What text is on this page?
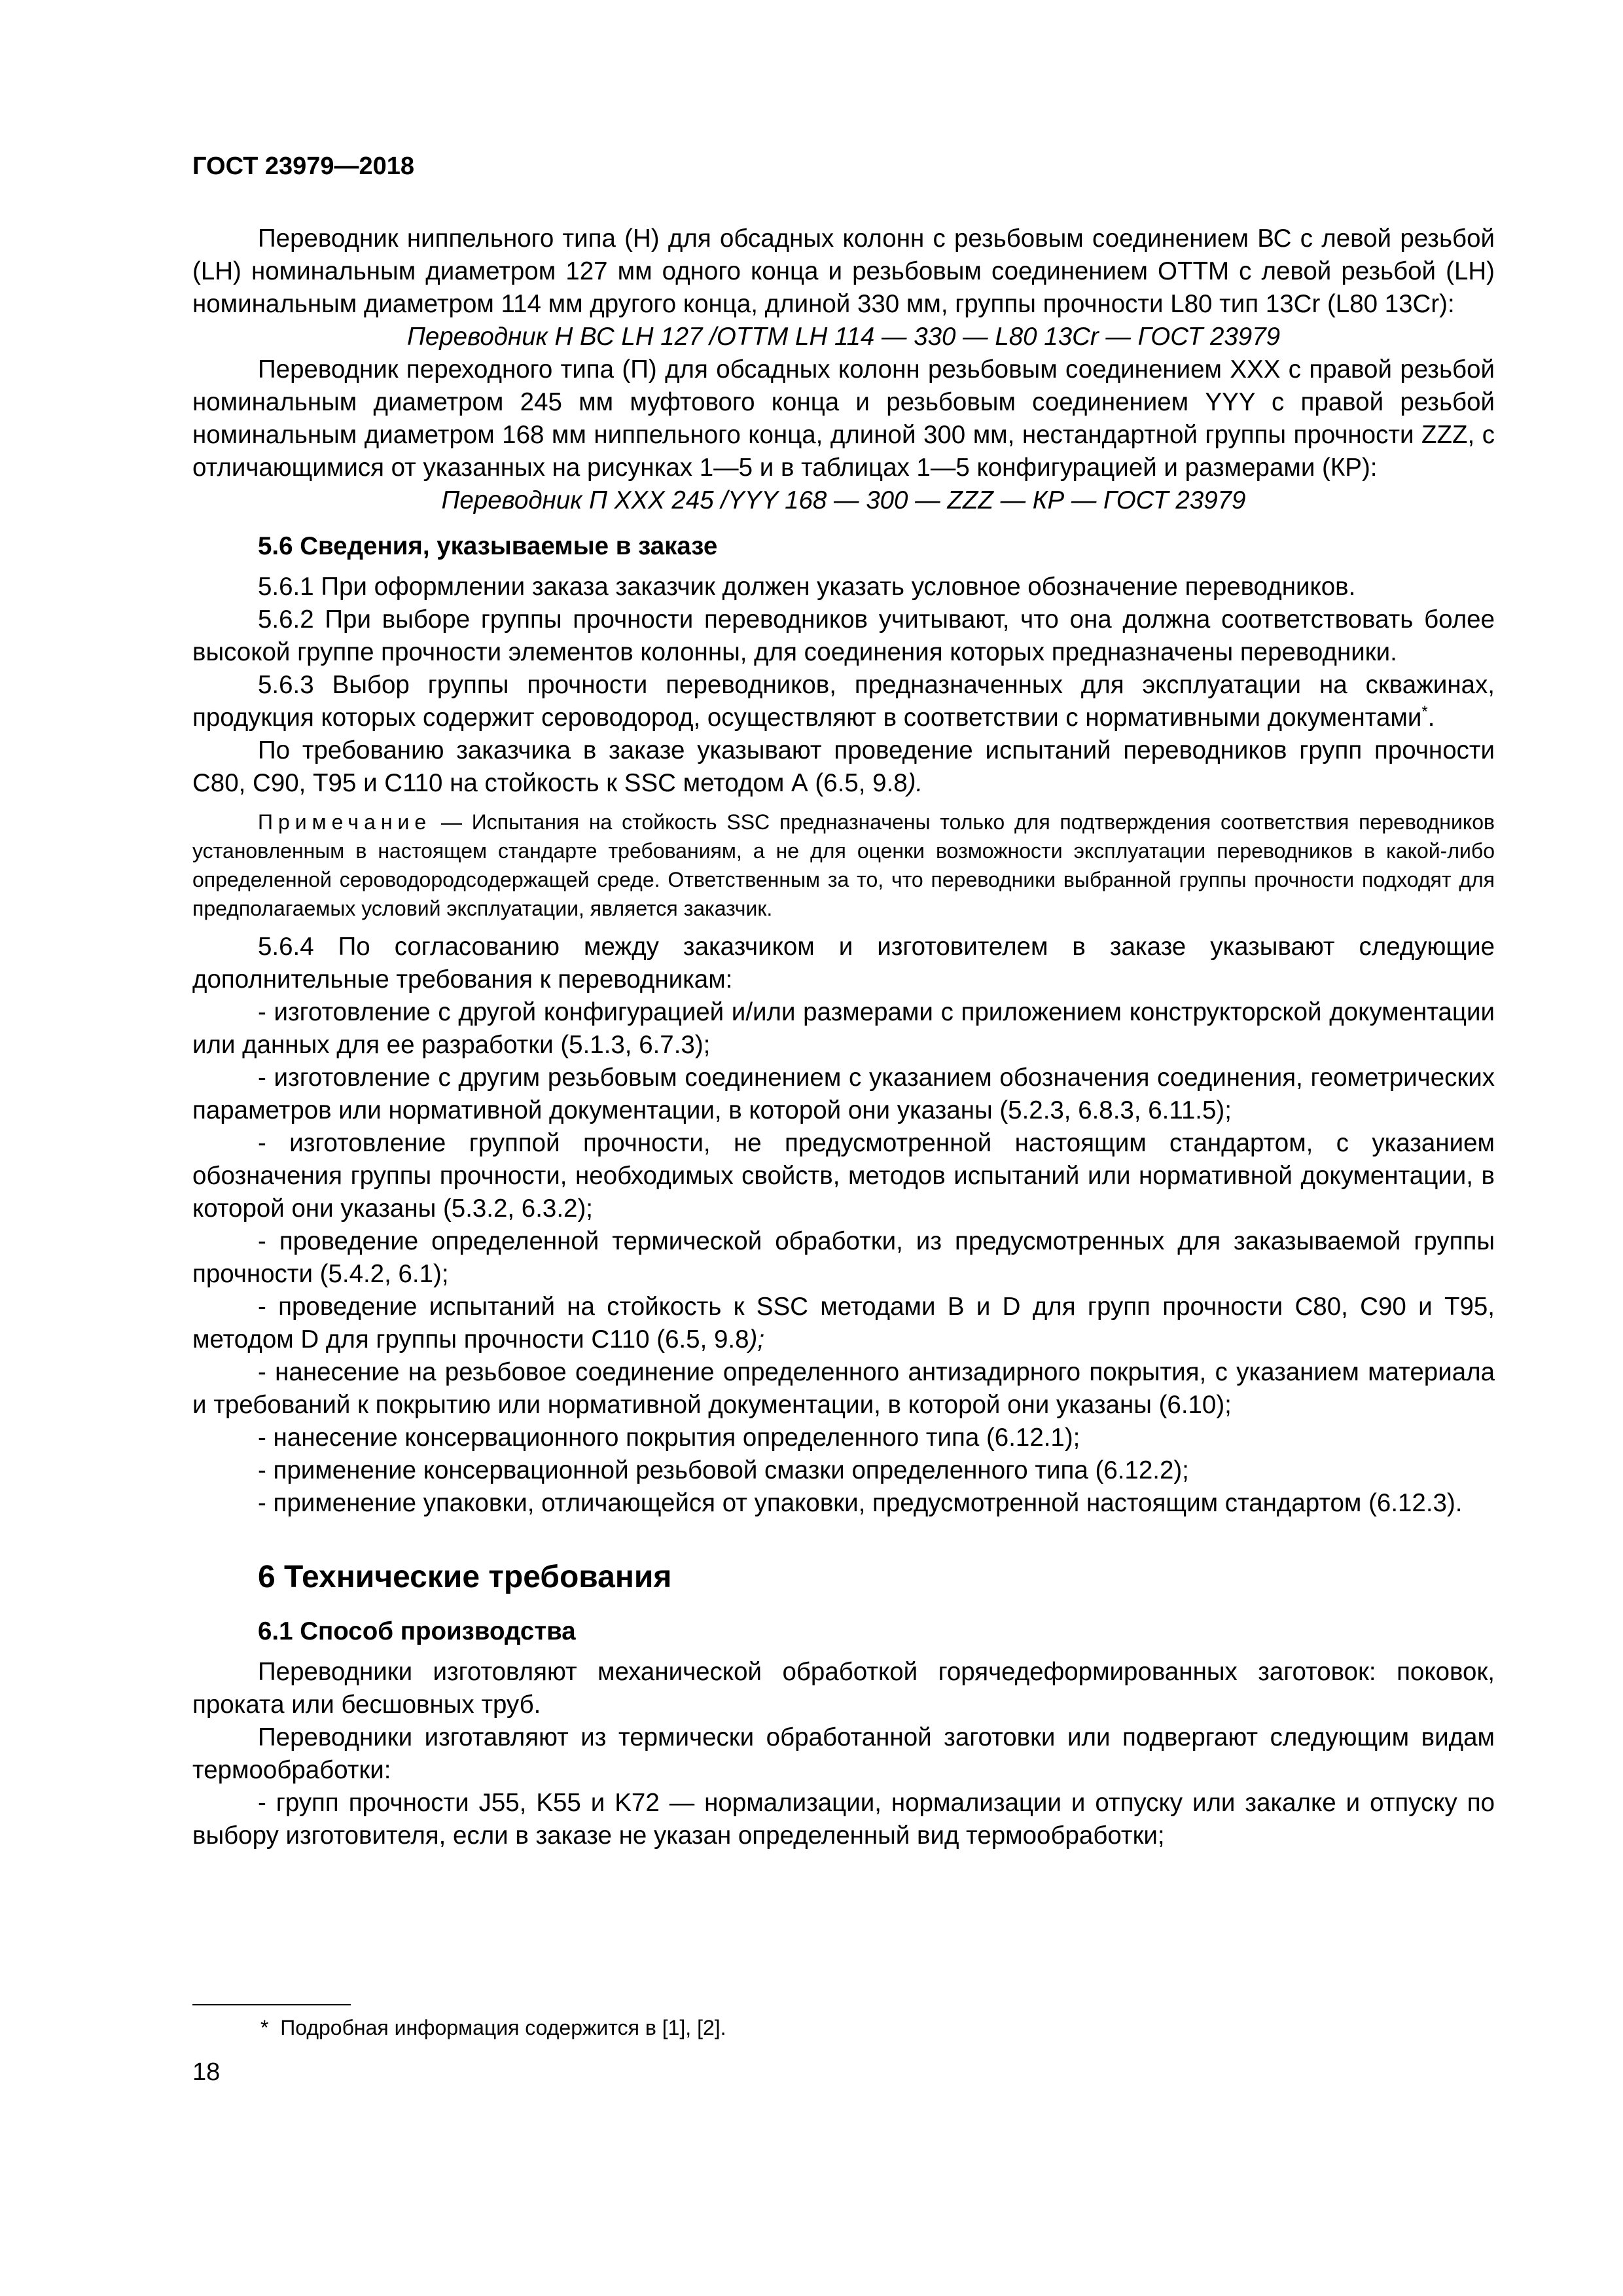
ГОСТ 23979—2018

Переводник ниппельного типа (Н) для обсадных колонн с резьбовым соединением ВС с левой резьбой (LH) номинальным диаметром 127 мм одного конца и резьбовым соединением ОТТМ с левой резьбой (LH) номинальным диаметром 114 мм другого конца, длиной 330 мм, группы прочности L80 тип 13Cr (L80 13Cr):

Переводник Н ВС LH 127 /ОТТМ LH 114 — 330 — L80 13Cr — ГОСТ 23979

Переводник переходного типа (П) для обсадных колонн резьбовым соединением XXX с правой резьбой номинальным диаметром 245 мм муфтового конца и резьбовым соединением YYY с правой резьбой номинальным диаметром 168 мм ниппельного конца, длиной 300 мм, нестандартной группы прочности ZZZ, с отличающимися от указанных на рисунках 1—5 и в таблицах 1—5 конфигурацией и размерами (КР):

Переводник П XXX 245 /YYY 168 — 300 — ZZZ — КР — ГОСТ 23979

5.6 Сведения, указываемые в заказе

5.6.1 При оформлении заказа заказчик должен указать условное обозначение переводников.

5.6.2 При выборе группы прочности переводников учитывают, что она должна соответствовать более высокой группе прочности элементов колонны, для соединения которых предназначены переводники.

5.6.3 Выбор группы прочности переводников, предназначенных для эксплуатации на скважинах, продукция которых содержит сероводород, осуществляют в соответствии с нормативными документами*.

По требованию заказчика в заказе указывают проведение испытаний переводников групп прочности С80, С90, Т95 и С110 на стойкость к SSC методом А (6.5, 9.8).

Примечание — Испытания на стойкость SSC предназначены только для подтверждения соответствия переводников установленным в настоящем стандарте требованиям, а не для оценки возможности эксплуатации переводников в какой-либо определенной сероводородсодержащей среде. Ответственным за то, что переводники выбранной группы прочности подходят для предполагаемых условий эксплуатации, является заказчик.

5.6.4 По согласованию между заказчиком и изготовителем в заказе указывают следующие дополнительные требования к переводникам:

- изготовление с другой конфигурацией и/или размерами с приложением конструкторской документации или данных для ее разработки (5.1.3, 6.7.3);

- изготовление с другим резьбовым соединением с указанием обозначения соединения, геометрических параметров или нормативной документации, в которой они указаны (5.2.3, 6.8.3, 6.11.5);

- изготовление группой прочности, не предусмотренной настоящим стандартом, с указанием обозначения группы прочности, необходимых свойств, методов испытаний или нормативной документации, в которой они указаны (5.3.2, 6.3.2);

- проведение определенной термической обработки, из предусмотренных для заказываемой группы прочности (5.4.2, 6.1);

- проведение испытаний на стойкость к SSC методами В и D для групп прочности С80, С90 и Т95, методом D для группы прочности С110 (6.5, 9.8);

- нанесение на резьбовое соединение определенного антизадирного покрытия, с указанием материала и требований к покрытию или нормативной документации, в которой они указаны (6.10);

- нанесение консервационного покрытия определенного типа (6.12.1);

- применение консервационной резьбовой смазки определенного типа (6.12.2);

- применение упаковки, отличающейся от упаковки, предусмотренной настоящим стандартом (6.12.3).

6 Технические требования

6.1 Способ производства

Переводники изготовляют механической обработкой горячедеформированных заготовок: поковок, проката или бесшовных труб.

Переводники изготавляют из термически обработанной заготовки или подвергают следующим видам термообработки:

- групп прочности J55, K55 и K72 — нормализации, нормализации и отпуску или закалке и отпуску по выбору изготовителя, если в заказе не указан определенный вид термообработки;

* Подробная информация содержится в [1], [2].
18
